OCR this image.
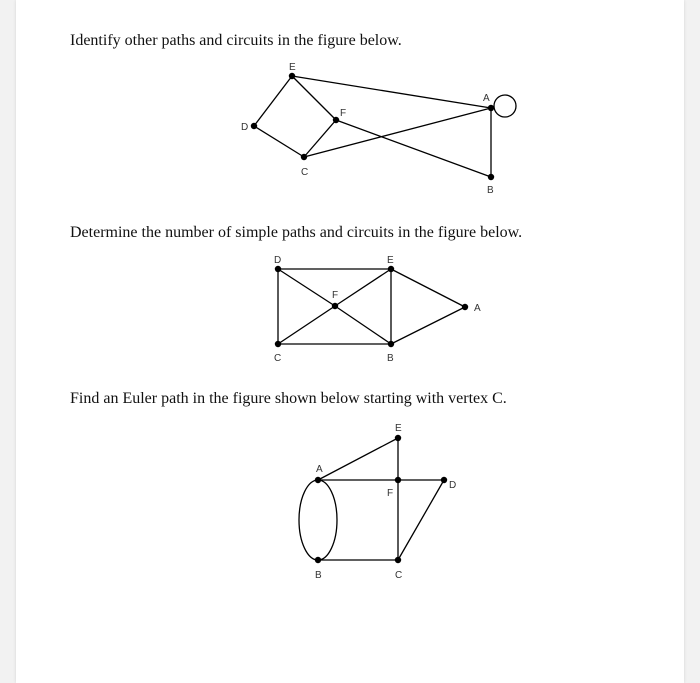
Identify other paths and circuits in the figure below.
Determine the number of simple paths and circuits in the figure below.
Find an Euler path in the figure shown below starting with vertex C.
E
D
F
C
A
B
D	E
F
A
C	B
E
A
F
D
B	C
